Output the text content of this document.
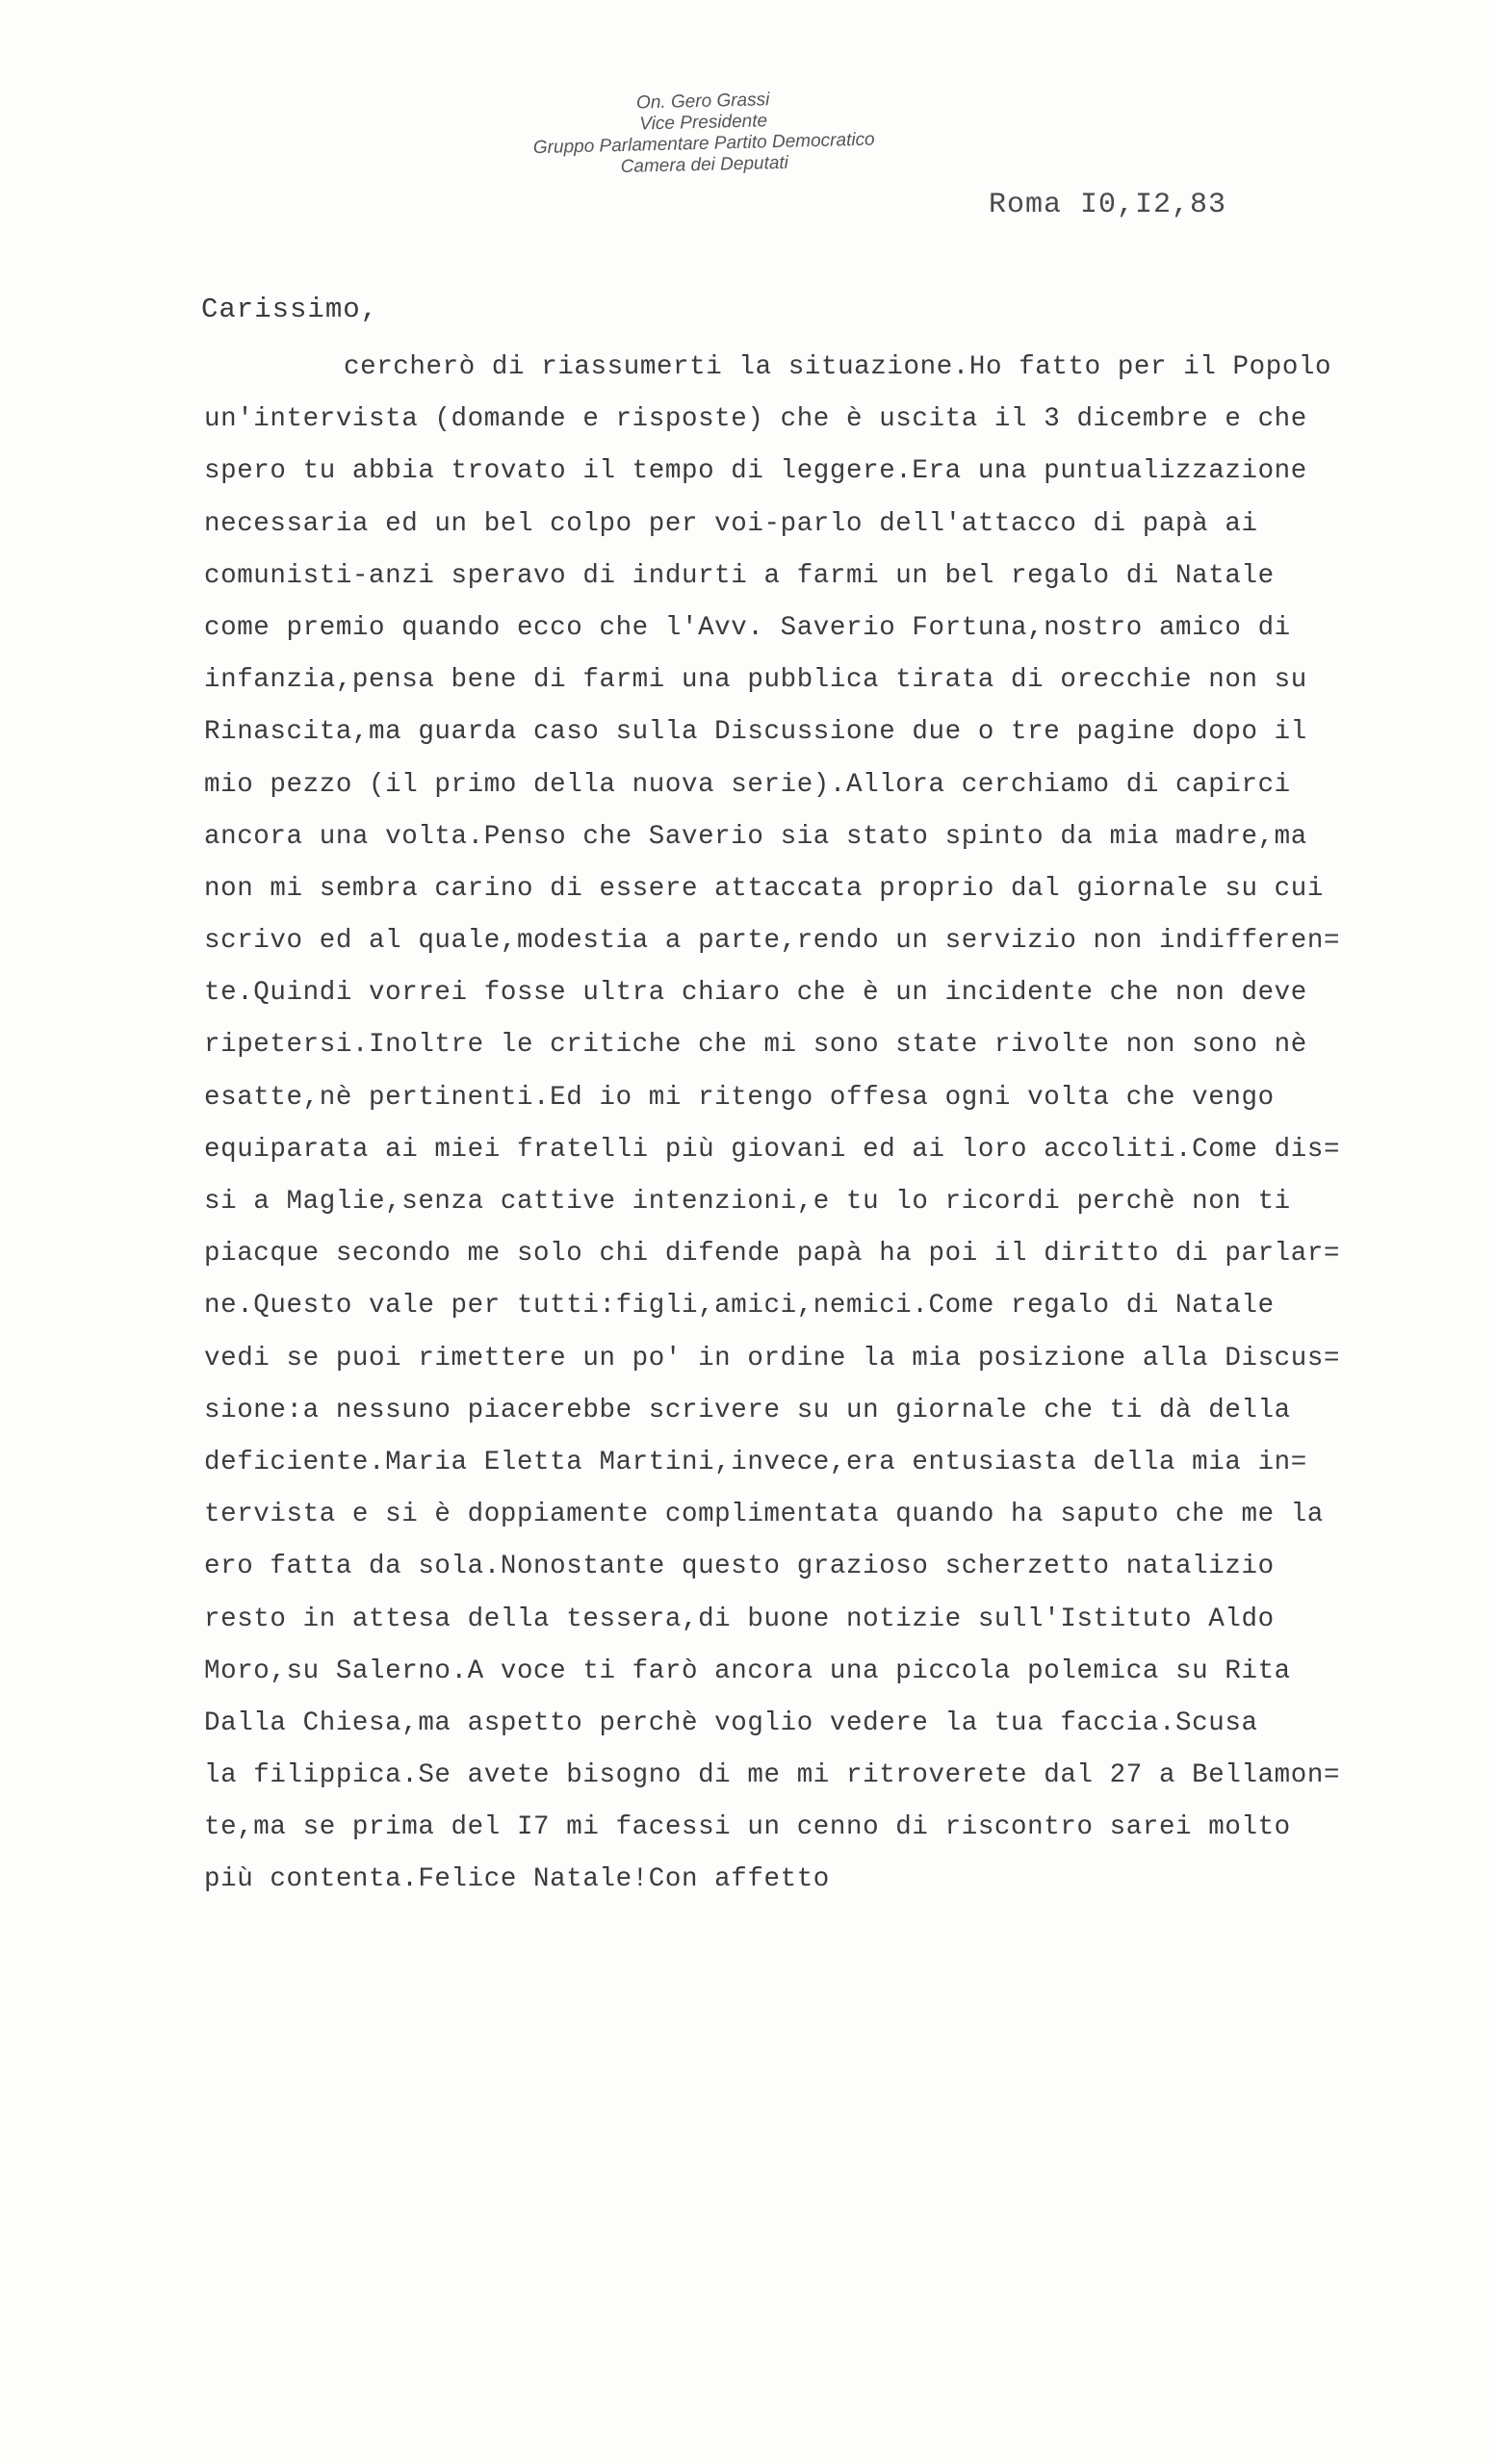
On. Gero Grassi
Vice Presidente
Gruppo Parlamentare Partito Democratico
Camera dei Deputati
Roma I0,I2,83
Carissimo,
cercherò di riassumerti la situazione.Ho fatto per il Popolo
un'intervista (domande e risposte) che è uscita il 3 dicembre e che
spero tu abbia trovato il tempo di leggere.Era una puntualizzazione
necessaria ed un bel colpo per voi-parlo dell'attacco di papà ai
comunisti-anzi speravo di indurti a farmi un bel regalo di Natale
come premio quando ecco che l'Avv. Saverio Fortuna,nostro amico di
infanzia,pensa bene di farmi una pubblica tirata di orecchie non su
Rinascita,ma guarda caso sulla Discussione due o tre pagine dopo il
mio pezzo (il primo della nuova serie).Allora cerchiamo di capirci
ancora una volta.Penso che Saverio sia stato spinto da mia madre,ma
non mi sembra carino di essere attaccata proprio dal giornale su cui
scrivo ed al quale,modestia a parte,rendo un servizio non indifferen=
te.Quindi vorrei fosse ultra chiaro che è un incidente che non deve
ripetersi.Inoltre le critiche che mi sono state rivolte non sono nè
esatte,nè pertinenti.Ed io mi ritengo offesa ogni volta che vengo
equiparata ai miei fratelli più giovani ed ai loro accoliti.Come dis=
si a Maglie,senza cattive intenzioni,e tu lo ricordi perchè non ti
piacque secondo me solo chi difende papà ha poi il diritto di parlar=
ne.Questo vale per tutti:figli,amici,nemici.Come regalo di Natale
vedi se puoi rimettere un po' in ordine la mia posizione alla Discus=
sione:a nessuno piacerebbe scrivere su un giornale che ti dà della
deficiente.Maria Eletta Martini,invece,era entusiasta della mia in=
tervista e si è doppiamente complimentata quando ha saputo che me la
ero fatta da sola.Nonostante questo grazioso scherzetto natalizio
resto in attesa della tessera,di buone notizie sull'Istituto Aldo
Moro,su Salerno.A voce ti farò ancora una piccola polemica su Rita
Dalla Chiesa,ma aspetto perchè voglio vedere la tua faccia.Scusa
la filippica.Se avete bisogno di me mi ritroverete dal 27 a Bellamon=
te,ma se prima del I7 mi facessi un cenno di riscontro sarei molto
più contenta.Felice Natale!Con affetto
